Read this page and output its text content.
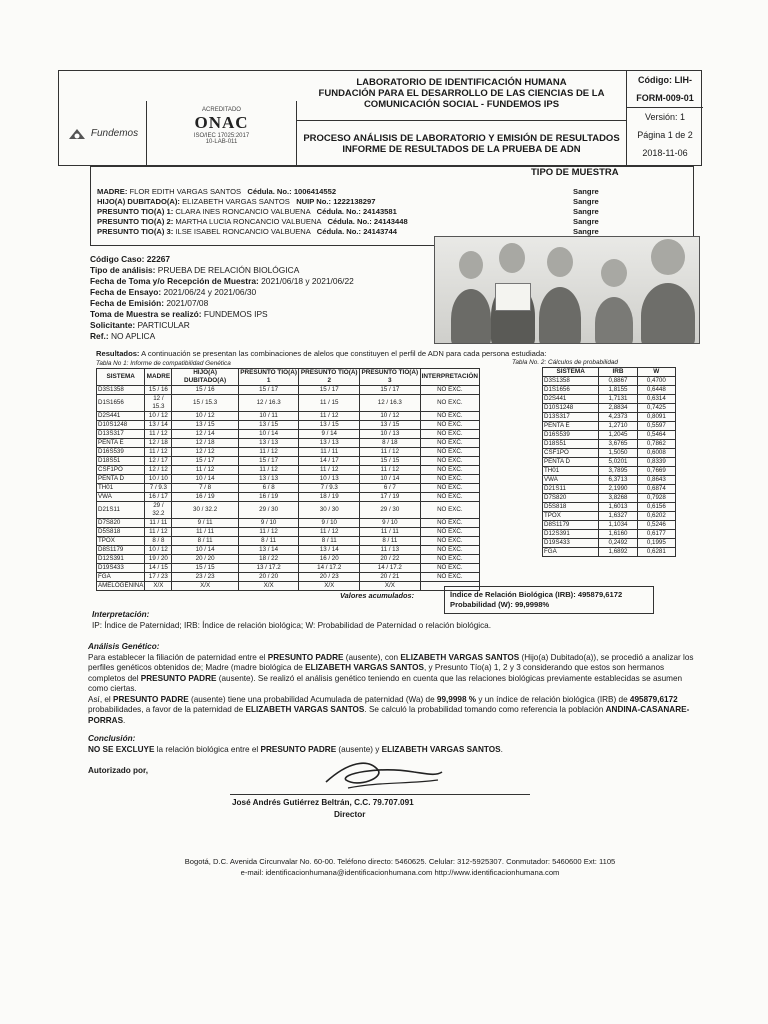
Fundemos
ACREDITADO
ONAC
ISO/IEC 17025:2017
10-LAB-011
LABORATORIO DE IDENTIFICACIÓN HUMANA
FUNDACIÓN PARA EL DESARROLLO DE LAS CIENCIAS DE LA
COMUNICACIÓN SOCIAL - FUNDEMOS IPS
PROCESO ANÁLISIS DE LABORATORIO Y EMISIÓN DE RESULTADOS
INFORME DE RESULTADOS DE LA PRUEBA DE ADN
Código: LIH-FORM-009-01
Versión: 1
Página 1 de 2
2018-11-06
TIPO DE MUESTRA
MADRE: FLOR EDITH VARGAS SANTOS Cédula. No.: 1006414552	Sangre
HIJO(A) DUBITADO(A): ELIZABETH VARGAS SANTOS NUIP No.: 1222138297	Sangre
PRESUNTO TIO(A) 1: CLARA INES RONCANCIO VALBUENA Cédula. No.: 24143581	Sangre
PRESUNTO TIO(A) 2: MARTHA LUCIA RONCANCIO VALBUENA Cédula. No.: 24143448	Sangre
PRESUNTO TIO(A) 3: ILSE ISABEL RONCANCIO VALBUENA Cédula. No.: 24143744	Sangre
Código Caso: 22267
Tipo de análisis: PRUEBA DE RELACIÓN BIOLÓGICA
Fecha de Toma y/o Recepción de Muestra: 2021/06/18 y 2021/06/22
Fecha de Ensayo: 2021/06/24 y 2021/06/30
Fecha de Emisión: 2021/07/08
Toma de Muestra se realizó: FUNDEMOS IPS
Solicitante: PARTICULAR
Ref.: NO APLICA
Resultados: A continuación se presentan las combinaciones de alelos que constituyen el perfil de ADN para cada persona estudiada:
Tabla No 1: Informe de compatibilidad Genética	Tabla No. 2: Cálculos de probabilidad
SISTEMA	MADRE	HIJO(A) DUBITADO(A)	PRESUNTO TIO(A) 1	PRESUNTO TIO(A) 2	PRESUNTO TIO(A) 3	INTERPRETACIÓN
D3S1358	15 / 16	15 / 16	15 / 17	15 / 17	15 / 17	NO EXC.
D1S1656	12 / 15.3	15 / 15.3	12 / 16.3	11 / 15	12 / 16.3	NO EXC.
D2S441	10 / 12	10 / 12	10 / 11	11 / 12	10 / 12	NO EXC.
D10S1248	13 / 14	13 / 15	13 / 15	13 / 15	13 / 15	NO EXC.
D13S317	11 / 12	12 / 14	10 / 14	9 / 14	10 / 13	NO EXC.
PENTA E	12 / 18	12 / 18	13 / 13	13 / 13	8 / 18	NO EXC.
D16S539	11 / 12	12 / 12	11 / 12	11 / 11	11 / 12	NO EXC.
D18S51	12 / 17	15 / 17	15 / 17	14 / 17	15 / 15	NO EXC.
CSF1PO	12 / 12	11 / 12	11 / 12	11 / 12	11 / 12	NO EXC.
PENTA D	10 / 10	10 / 14	13 / 13	10 / 13	10 / 14	NO EXC.
TH01	7 / 9.3	7 / 8	6 / 8	7 / 9.3	6 / 7	NO EXC.
VWA	16 / 17	16 / 19	16 / 19	18 / 19	17 / 19	NO EXC.
D21S11	29 / 32.2	30 / 32.2	29 / 30	30 / 30	29 / 30	NO EXC.
D7S820	11 / 11	9 / 11	9 / 10	9 / 10	9 / 10	NO EXC.
D5S818	11 / 12	11 / 11	11 / 12	11 / 12	11 / 11	NO EXC.
TPOX	8 / 8	8 / 11	8 / 11	8 / 11	8 / 11	NO EXC.
D8S1179	10 / 12	10 / 14	13 / 14	13 / 14	11 / 13	NO EXC.
D12S391	19 / 20	20 / 20	18 / 22	16 / 20	20 / 22	NO EXC.
D19S433	14 / 15	15 / 15	13 / 17.2	14 / 17.2	14 / 17.2	NO EXC.
FGA	17 / 23	23 / 23	20 / 20	20 / 23	20 / 21	NO EXC.
AMELOGENINA	X/X	X/X	X/X	X/X	X/X	
SISTEMA	IRB	W
D3S1358	0,8867	0,4700
D1S1656	1,8155	0,6448
D2S441	1,7131	0,6314
D10S1248	2,8834	0,7425
D13S317	4,2373	0,8091
PENTA E	1,2710	0,5597
D16S539	1,2045	0,5464
D18S51	3,6765	0,7862
CSF1PO	1,5050	0,6008
PENTA D	5,0201	0,8339
TH01	3,7895	0,7669
VWA	6,3713	0,8643
D21S11	2,1990	0,6874
D7S820	3,8268	0,7928
D5S818	1,6013	0,6156
TPOX	1,6327	0,6202
D8S1179	1,1034	0,5246
D12S391	1,6160	0,6177
D19S433	0,2492	0,1995
FGA	1,6892	0,6281
Valores acumulados:	Índice de Relación Biológica (IRB): 495879,6172
Probabilidad (W): 99,9998%
Interpretación:
IP: Índice de Paternidad; IRB: Índice de relación biológica; W: Probabilidad de Paternidad o relación biológica.
Análisis Genético:
Para establecer la filiación de paternidad entre el PRESUNTO PADRE (ausente), con ELIZABETH VARGAS SANTOS (Hijo(a) Dubitado(a)), se procedió a analizar los perfiles genéticos obtenidos de; Madre (madre biológica de ELIZABETH VARGAS SANTOS, y Presunto Tío(a) 1, 2 y 3 considerando que estos son hermanos completos del PRESUNTO PADRE (ausente). Se realizó el análisis genético teniendo en cuenta que las relaciones biológicas previamente establecidas se asumen como ciertas.
Así, el PRESUNTO PADRE (ausente) tiene una probabilidad Acumulada de paternidad (Wa) de 99,9998 % y un índice de relación biológica (IRB) de 495879,6172 probabilidades, a favor de la paternidad de ELIZABETH VARGAS SANTOS. Se calculó la probabilidad tomando como referencia la población ANDINA-CASANARE-PORRAS.
Conclusión:
NO SE EXCLUYE la relación biológica entre el PRESUNTO PADRE (ausente) y ELIZABETH VARGAS SANTOS.
Autorizado por,
José Andrés Gutiérrez Beltrán, C.C. 79.707.091
Director
Bogotá, D.C. Avenida Circunvalar No. 60-00. Teléfono directo: 5460625. Celular: 312-5925307. Conmutador: 5460600 Ext: 1105
e-mail: identificacionhumana@identificacionhumana.com http://www.identificacionhumana.com
